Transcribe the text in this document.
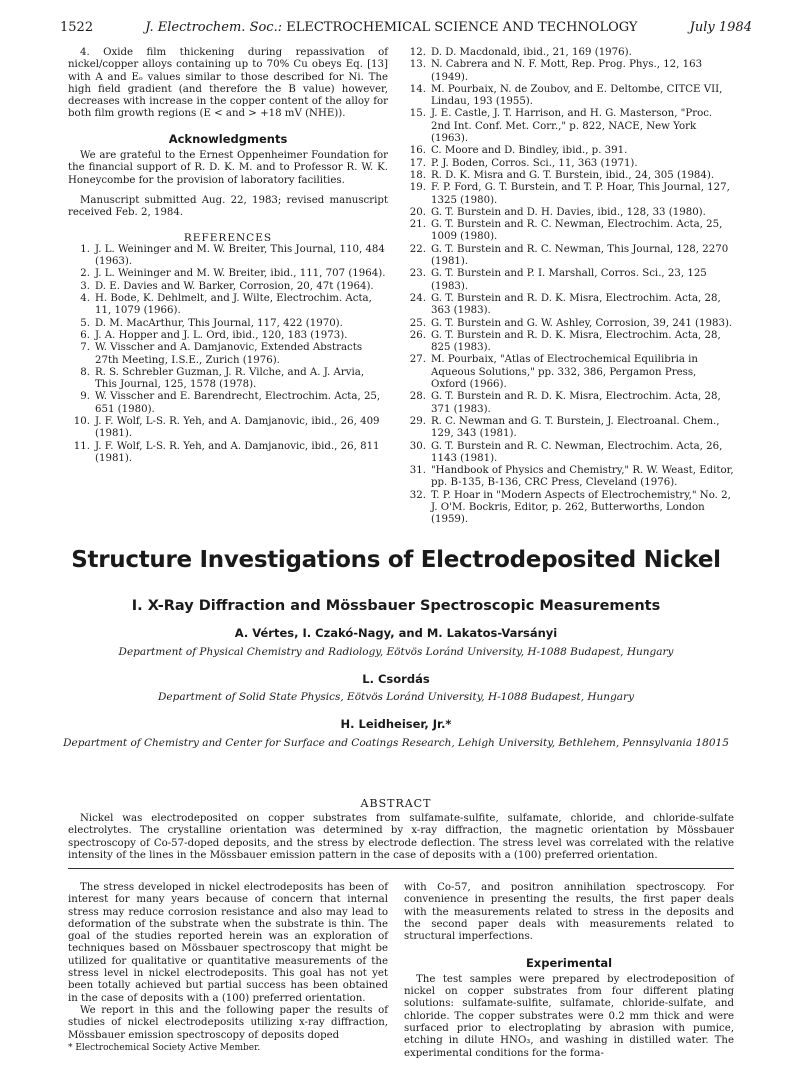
1522	J. Electrochem. Soc.: ELECTROCHEMICAL SCIENCE AND TECHNOLOGY	July 1984

4. Oxide film thickening during repassivation of nickel/copper alloys containing up to 70% Cu obeys Eq. [13] with A and Eₒ values similar to those described for Ni. The high field gradient (and therefore the B value) however, decreases with increase in the copper content of the alloy for both film growth regions (E < and > +18 mV (NHE)).

Acknowledgments

We are grateful to the Ernest Oppenheimer Foundation for the financial support of R. D. K. M. and to Professor R. W. K. Honeycombe for the provision of laboratory facilities.

Manuscript submitted Aug. 22, 1983; revised manuscript received Feb. 2, 1984.

REFERENCES

1. J. L. Weininger and M. W. Breiter, This Journal, 110, 484 (1963).
2. J. L. Weininger and M. W. Breiter, ibid., 111, 707 (1964).
3. D. E. Davies and W. Barker, Corrosion, 20, 47t (1964).
4. H. Bode, K. Dehlmelt, and J. Wilte, Electrochim. Acta, 11, 1079 (1966).
5. D. M. MacArthur, This Journal, 117, 422 (1970).
6. J. A. Hopper and J. L. Ord, ibid., 120, 183 (1973).
7. W. Visscher and A. Damjanovic, Extended Abstracts 27th Meeting, I.S.E., Zurich (1976).
8. R. S. Schrebler Guzman, J. R. Vilche, and A. J. Arvia, This Journal, 125, 1578 (1978).
9. W. Visscher and E. Barendrecht, Electrochim. Acta, 25, 651 (1980).
10. J. F. Wolf, L-S. R. Yeh, and A. Damjanovic, ibid., 26, 409 (1981).
11. J. F. Wolf, L-S. R. Yeh, and A. Damjanovic, ibid., 26, 811 (1981).
12. D. D. Macdonald, ibid., 21, 169 (1976).
13. N. Cabrera and N. F. Mott, Rep. Prog. Phys., 12, 163 (1949).
14. M. Pourbaix, N. de Zoubov, and E. Deltombe, CITCE VII, Lindau, 193 (1955).
15. J. E. Castle, J. T. Harrison, and H. G. Masterson, "Proc. 2nd Int. Conf. Met. Corr.," p. 822, NACE, New York (1963).
16. C. Moore and D. Bindley, ibid., p. 391.
17. P. J. Boden, Corros. Sci., 11, 363 (1971).
18. R. D. K. Misra and G. T. Burstein, ibid., 24, 305 (1984).
19. F. P. Ford, G. T. Burstein, and T. P. Hoar, This Journal, 127, 1325 (1980).
20. G. T. Burstein and D. H. Davies, ibid., 128, 33 (1980).
21. G. T. Burstein and R. C. Newman, Electrochim. Acta, 25, 1009 (1980).
22. G. T. Burstein and R. C. Newman, This Journal, 128, 2270 (1981).
23. G. T. Burstein and P. I. Marshall, Corros. Sci., 23, 125 (1983).
24. G. T. Burstein and R. D. K. Misra, Electrochim. Acta, 28, 363 (1983).
25. G. T. Burstein and G. W. Ashley, Corrosion, 39, 241 (1983).
26. G. T. Burstein and R. D. K. Misra, Electrochim. Acta, 28, 825 (1983).
27. M. Pourbaix, "Atlas of Electrochemical Equilibria in Aqueous Solutions," pp. 332, 386, Pergamon Press, Oxford (1966).
28. G. T. Burstein and R. D. K. Misra, Electrochim. Acta, 28, 371 (1983).
29. R. C. Newman and G. T. Burstein, J. Electroanal. Chem., 129, 343 (1981).
30. G. T. Burstein and R. C. Newman, Electrochim. Acta, 26, 1143 (1981).
31. "Handbook of Physics and Chemistry," R. W. Weast, Editor, pp. B-135, B-136, CRC Press, Cleveland (1976).
32. T. P. Hoar in "Modern Aspects of Electrochemistry," No. 2, J. O'M. Bockris, Editor, p. 262, Butterworths, London (1959).
Structure Investigations of Electrodeposited Nickel
I. X-Ray Diffraction and Mössbauer Spectroscopic Measurements
A. Vértes, I. Czakó-Nagy, and M. Lakatos-Varsányi
Department of Physical Chemistry and Radiology, Eötvös Loránd University, H-1088 Budapest, Hungary
L. Csordás
Department of Solid State Physics, Eötvös Loránd University, H-1088 Budapest, Hungary
H. Leidheiser, Jr.*
Department of Chemistry and Center for Surface and Coatings Research, Lehigh University, Bethlehem, Pennsylvania 18015
ABSTRACT
Nickel was electrodeposited on copper substrates from sulfamate-sulfite, sulfamate, chloride, and chloride-sulfate electrolytes. The crystalline orientation was determined by x-ray diffraction, the magnetic orientation by Mössbauer spectroscopy of Co-57-doped deposits, and the stress by electrode deflection. The stress level was correlated with the relative intensity of the lines in the Mössbauer emission pattern in the case of deposits with a (100) preferred orientation.

The stress developed in nickel electrodeposits has been of interest for many years because of concern that internal stress may reduce corrosion resistance and also may lead to deformation of the substrate when the substrate is thin. The goal of the studies reported herein was an exploration of techniques based on Mössbauer spectroscopy that might be utilized for qualitative or quantitative measurements of the stress level in nickel electrodeposits. This goal has not yet been totally achieved but partial success has been obtained in the case of deposits with a (100) preferred orientation.

We report in this and the following paper the results of studies of nickel electrodeposits utilizing x-ray diffraction, Mössbauer emission spectroscopy of deposits doped

* Electrochemical Society Active Member.

with Co-57, and positron annihilation spectroscopy. For convenience in presenting the results, the first paper deals with the measurements related to stress in the deposits and the second paper deals with measurements related to structural imperfections.

Experimental

The test samples were prepared by electrodeposition of nickel on copper substrates from four different plating solutions: sulfamate-sulfite, sulfamate, chloride-sulfate, and chloride. The copper substrates were 0.2 mm thick and were surfaced prior to electroplating by abrasion with pumice, etching in dilute HNO₃, and washing in distilled water. The experimental conditions for the forma-
